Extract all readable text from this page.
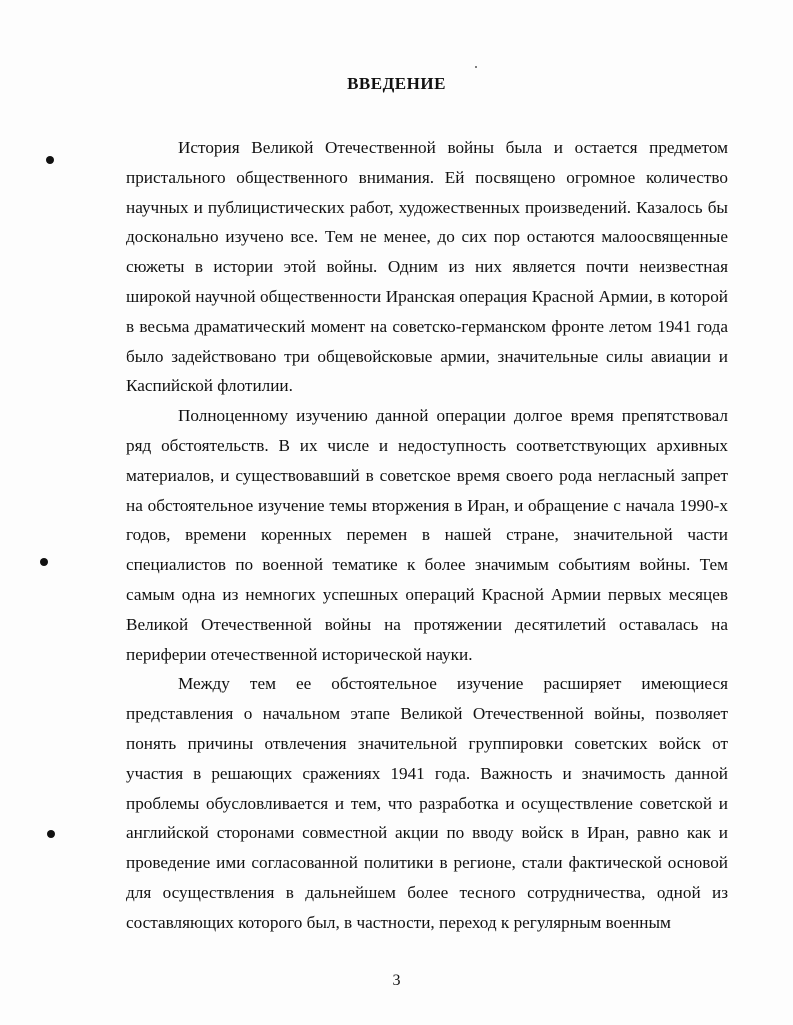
ВВЕДЕНИЕ

История Великой Отечественной войны была и остается предметом пристального общественного внимания. Ей посвящено огромное количество научных и публицистических работ, художественных произведений. Казалось бы досконально изучено все. Тем не менее, до сих пор остаются малоосвященные сюжеты в истории этой войны. Одним из них является почти неизвестная широкой научной общественности Иранская операция Красной Армии, в которой в весьма драматический момент на советско-германском фронте летом 1941 года было задействовано три общевойсковые армии, значительные силы авиации и Каспийской флотилии.

Полноценному изучению данной операции долгое время препятствовал ряд обстоятельств. В их числе и недоступность соответствующих архивных материалов, и существовавший в советское время своего рода негласный запрет на обстоятельное изучение темы вторжения в Иран, и обращение с начала 1990-х годов, времени коренных перемен в нашей стране, значительной части специалистов по военной тематике к более значимым событиям войны. Тем самым одна из немногих успешных операций Красной Армии первых месяцев Великой Отечественной войны на протяжении десятилетий оставалась на периферии отечественной исторической науки.

Между тем ее обстоятельное изучение расширяет имеющиеся представления о начальном этапе Великой Отечественной войны, позволяет понять причины отвлечения значительной группировки советских войск от участия в решающих сражениях 1941 года. Важность и значимость данной проблемы обусловливается и тем, что разработка и осуществление советской и английской сторонами совместной акции по вводу войск в Иран, равно как и проведение ими согласованной политики в регионе, стали фактической основой для осуществления в дальнейшем более тесного сотрудничества, одной из составляющих которого был, в частности, переход к регулярным военным

3
